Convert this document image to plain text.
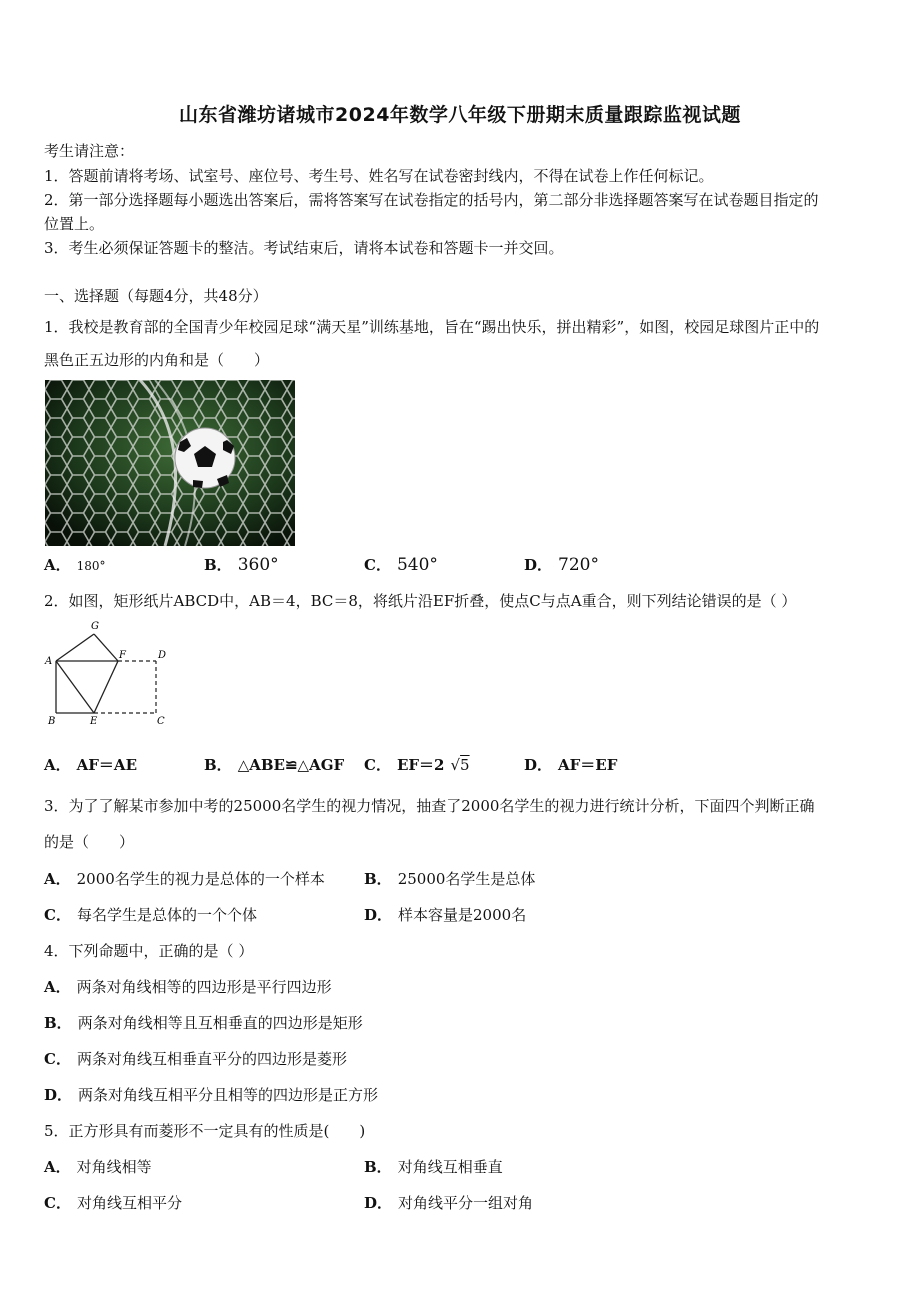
山东省潍坊诸城市2024年数学八年级下册期末质量跟踪监视试题
考生请注意：
1．答题前请将考场、试室号、座位号、考生号、姓名写在试卷密封线内，不得在试卷上作任何标记。
2．第一部分选择题每小题选出答案后，需将答案写在试卷指定的括号内，第二部分非选择题答案写在试卷题目指定的
位置上。
3．考生必须保证答题卡的整洁。考试结束后，请将本试卷和答题卡一并交回。
一、选择题（每题4分，共48分）
1．我校是教育部的全国青少年校园足球“满天星”训练基地，旨在“踢出快乐，拼出精彩”，如图，校园足球图片正中的
黑色正五边形的内角和是（　　）
A． 180°	B． 360°	C． 540°	D． 720°
2．如图，矩形纸片ABCD中，AB＝4，BC＝8，将纸片沿EF折叠，使点C与点A重合，则下列结论错误的是（ ）
G
A
F	D
B	E	C
A． AF＝AE	B． △ABE≌△AGF	C． EF＝2 √5	D． AF＝EF
3．为了了解某市参加中考的25000名学生的视力情况，抽查了2000名学生的视力进行统计分析，下面四个判断正确
的是（　　）
A． 2000名学生的视力是总体的一个样本	B． 25000名学生是总体
C． 每名学生是总体的一个个体	D． 样本容量是2000名
4．下列命题中，正确的是（ ）
A． 两条对角线相等的四边形是平行四边形
B． 两条对角线相等且互相垂直的四边形是矩形
C． 两条对角线互相垂直平分的四边形是菱形
D． 两条对角线互相平分且相等的四边形是正方形
5．正方形具有而菱形不一定具有的性质是(　　)
A． 对角线相等	B． 对角线互相垂直
C． 对角线互相平分	D． 对角线平分一组对角
